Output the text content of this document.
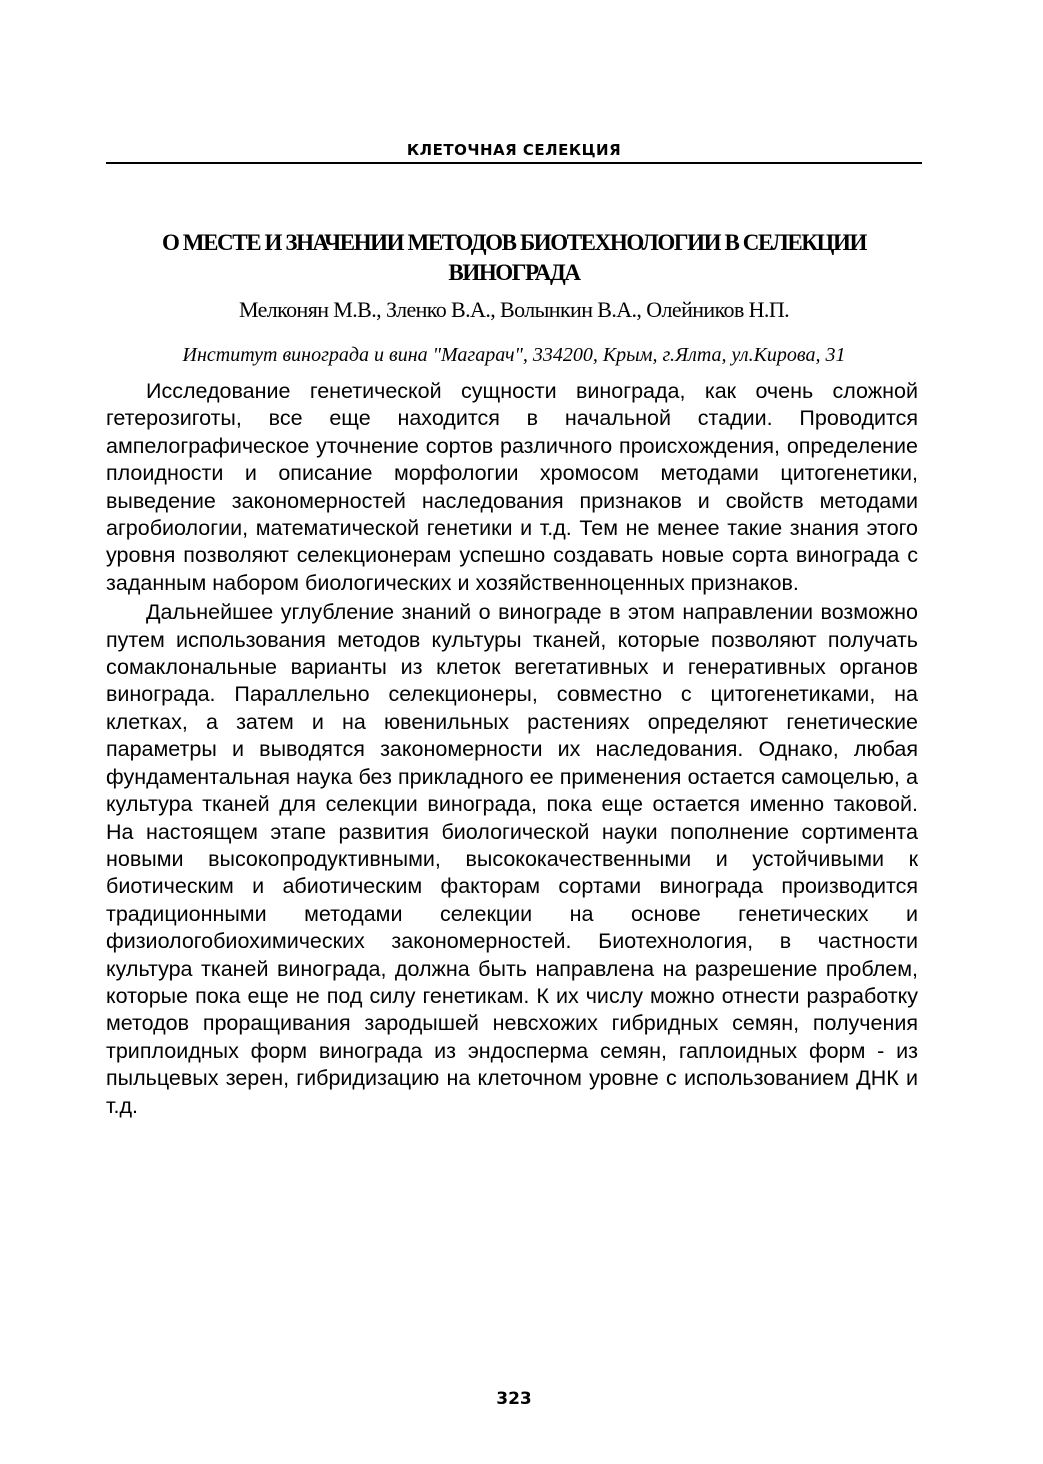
КЛЕТОЧНАЯ СЕЛЕКЦИЯ
О МЕСТЕ И ЗНАЧЕНИИ МЕТОДОВ БИОТЕХНОЛОГИИ В СЕЛЕКЦИИ
ВИНОГРАДА
Мелконян М.В., Зленко В.А., Волынкин В.А., Олейников Н.П.
Институт винограда и вина "Магарач", 334200, Крым, г.Ялта, ул.Кирова, 31

Исследование генетической сущности винограда, как очень сложной гетерозиготы, все еще находится в начальной стадии. Проводится ампелографическое уточнение сортов различного происхождения, определение плоидности и описание морфологии хромосом методами цитогенетики, выведение закономерностей наследования признаков и свойств методами агробиологии, математической генетики и т.д. Тем не менее такие знания этого уровня позволяют селекционерам успешно создавать новые сорта винограда с заданным набором биологических и хозяйственноценных признаков.

Дальнейшее углубление знаний о винограде в этом направлении возможно путем использования методов культуры тканей, которые позволяют получать сомаклональные варианты из клеток вегетативных и генеративных органов винограда. Параллельно селекционеры, совместно с цитогенетиками, на клетках, а затем и на ювенильных растениях определяют генетические параметры и выводятся закономерности их наследования. Однако, любая фундаментальная наука без прикладного ее применения остается самоцелью, а культура тканей для селекции винограда, пока еще остается именно таковой. На настоящем этапе развития биологической науки пополнение сортимента новыми высокопродуктивными, высококачественными и устойчивыми к биотическим и абиотическим факторам сортами винограда производится традиционными методами селекции на основе генетических и физиологобиохимических закономерностей. Биотехнология, в частности культура тканей винограда, должна быть направлена на разрешение проблем, которые пока еще не под силу генетикам. К их числу можно отнести разработку методов проращивания зародышей невсхожих гибридных семян, получения триплоидных форм винограда из эндосперма семян, гаплоидных форм - из пыльцевых зерен, гибридизацию на клеточном уровне с использованием ДНК и т.д.

323
